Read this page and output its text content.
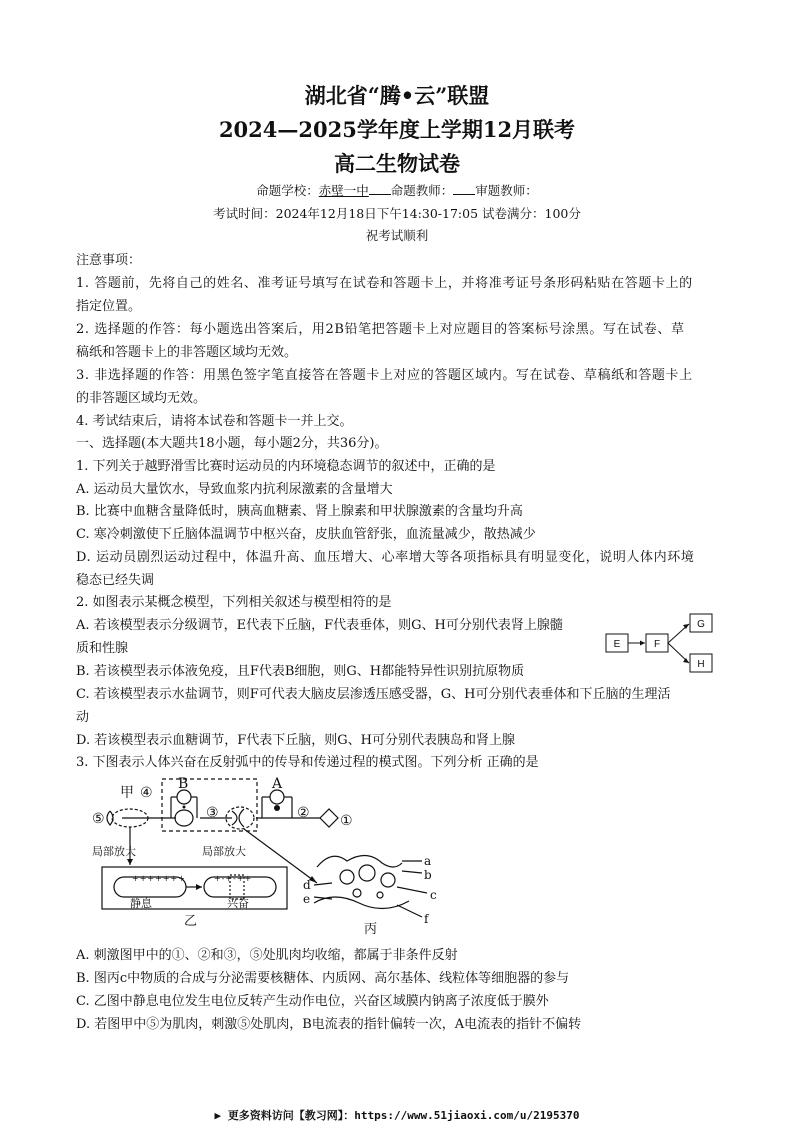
湖北省“腾•云”联盟
2024—2025学年度上学期12月联考
高二生物试卷
命题学校：赤壁一中 命题教师： 审题教师：
考试时间：2024年12月18日下午14:30-17:05 试卷满分：100分
祝考试顺利
注意事项：
1. 答题前，先将自己的姓名、准考证号填写在试卷和答题卡上，并将准考证号条形码粘贴在答题卡上的
指定位置。
2. 选择题的作答：每小题选出答案后，用2B铅笔把答题卡上对应题目的答案标号涂黑。写在试卷、草
稿纸和答题卡上的非答题区域均无效。
3. 非选择题的作答：用黑色签字笔直接答在答题卡上对应的答题区域内。写在试卷、草稿纸和答题卡上
的非答题区域均无效。
4. 考试结束后，请将本试卷和答题卡一并上交。
一、选择题(本大题共18小题，每小题2分，共36分)。
1. 下列关于越野滑雪比赛时运动员的内环境稳态调节的叙述中，正确的是
A. 运动员大量饮水，导致血浆内抗利尿激素的含量增大
B. 比赛中血糖含量降低时，胰高血糖素、肾上腺素和甲状腺激素的含量均升高
C. 寒冷刺激使下丘脑体温调节中枢兴奋，皮肤血管舒张，血流量减少，散热减少
D. 运动员剧烈运动过程中，体温升高、血压增大、心率增大等各项指标具有明显变化，说明人体内环境
稳态已经失调
2. 如图表示某概念模型，下列相关叙述与模型相符的是
A. 若该模型表示分级调节，E代表下丘脑，F代表垂体，则G、H可分别代表肾上腺髓
质和性腺
B. 若该模型表示体液免疫，且F代表B细胞，则G、H都能特异性识别抗原物质
C. 若该模型表示水盐调节，则F可代表大脑皮层渗透压感受器，G、H可分别代表垂体和下丘脑的生理活
动
D. 若该模型表示血糖调节，F代表下丘脑，则G、H可分别代表胰岛和肾上腺
E	F
G
H
3. 下图表示人体兴奋在反射弧中的传导和传递过程的模式图。下列分析 正确的是
甲 ④
⑤	③	② ①
B	A
局部放大	局部放大
静息	兴奋
乙
丙
a
b
c
d
e
f
+++++++	+-+-++
A. 刺激图甲中的①、②和③，⑤处肌肉均收缩，都属于非条件反射
B. 图丙c中物质的合成与分泌需要核糖体、内质网、高尔基体、线粒体等细胞器的参与
C. 乙图中静息电位发生电位反转产生动作电位，兴奋区域膜内钠离子浓度低于膜外
D. 若图甲中⑤为肌肉，刺激⑤处肌肉，B电流表的指针偏转一次，A电流表的指针不偏转
▶ 更多资料访问【教习网】：https://www.51jiaoxi.com/u/2195370
